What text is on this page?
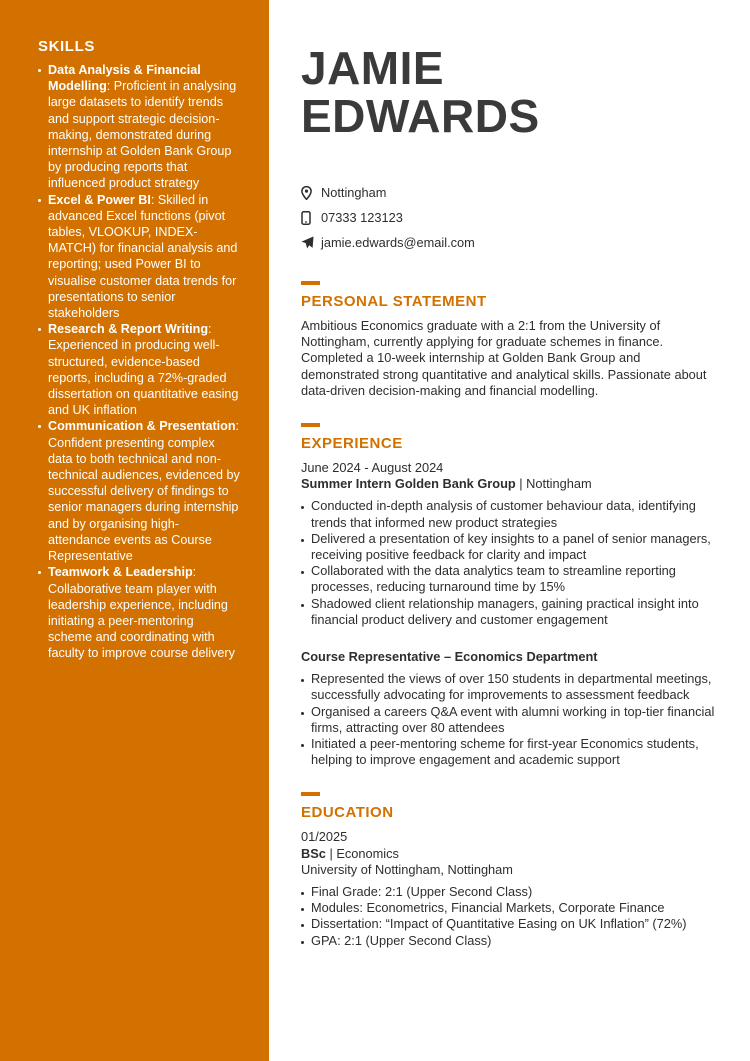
SKILLS
Data Analysis & Financial Modelling: Proficient in analysing large datasets to identify trends and support strategic decision-making, demonstrated during internship at Golden Bank Group by producing reports that influenced product strategy
Excel & Power BI: Skilled in advanced Excel functions (pivot tables, VLOOKUP, INDEX-MATCH) for financial analysis and reporting; used Power BI to visualise customer data trends for presentations to senior stakeholders
Research & Report Writing: Experienced in producing well-structured, evidence-based reports, including a 72%-graded dissertation on quantitative easing and UK inflation
Communication & Presentation: Confident presenting complex data to both technical and non-technical audiences, evidenced by successful delivery of findings to senior managers during internship and by organising high-attendance events as Course Representative
Teamwork & Leadership: Collaborative team player with leadership experience, including initiating a peer-mentoring scheme and coordinating with faculty to improve course delivery
JAMIE
EDWARDS
Nottingham
07333 123123
jamie.edwards@email.com
PERSONAL STATEMENT

Ambitious Economics graduate with a 2:1 from the University of Nottingham, currently applying for graduate schemes in finance. Completed a 10-week internship at Golden Bank Group and demonstrated strong quantitative and analytical skills. Passionate about data-driven decision-making and financial modelling.

EXPERIENCE
June 2024 - August 2024
Summer Intern Golden Bank Group | Nottingham
Conducted in-depth analysis of customer behaviour data, identifying trends that informed new product strategies
Delivered a presentation of key insights to a panel of senior managers, receiving positive feedback for clarity and impact
Collaborated with the data analytics team to streamline reporting processes, reducing turnaround time by 15%
Shadowed client relationship managers, gaining practical insight into financial product delivery and customer engagement
Course Representative – Economics Department
Represented the views of over 150 students in departmental meetings, successfully advocating for improvements to assessment feedback
Organised a careers Q&A event with alumni working in top-tier financial firms, attracting over 80 attendees
Initiated a peer-mentoring scheme for first-year Economics students, helping to improve engagement and academic support
EDUCATION
01/2025
BSc | Economics
University of Nottingham, Nottingham
Final Grade: 2:1 (Upper Second Class)
Modules: Econometrics, Financial Markets, Corporate Finance
Dissertation: “Impact of Quantitative Easing on UK Inflation” (72%)
GPA: 2:1 (Upper Second Class)
